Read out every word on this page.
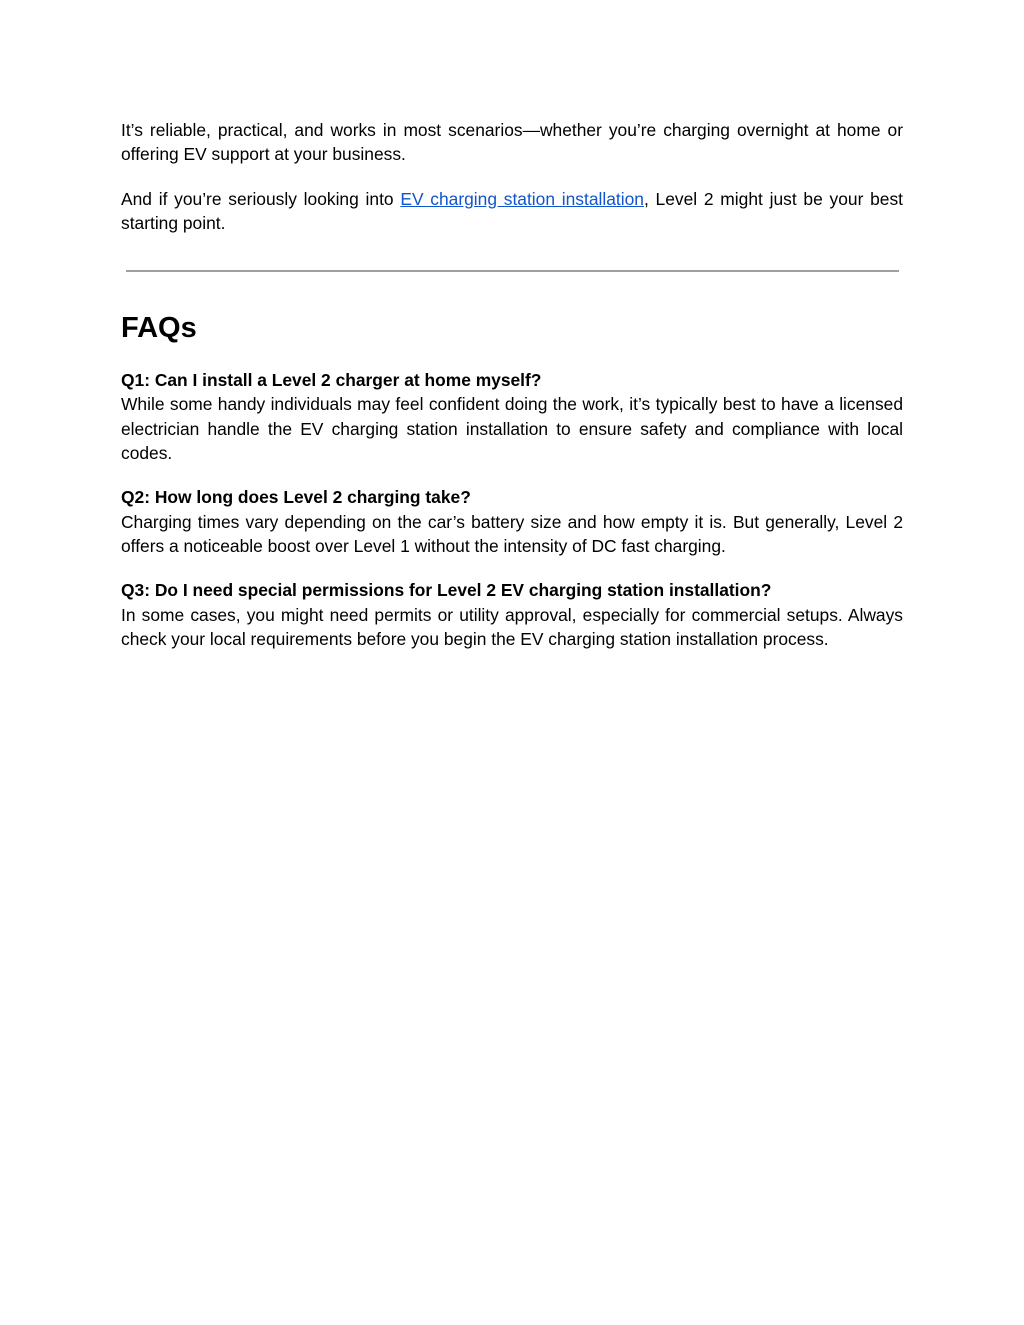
It’s reliable, practical, and works in most scenarios—whether you’re charging overnight at home or offering EV support at your business.

And if you’re seriously looking into EV charging station installation, Level 2 might just be your best starting point.

FAQs
Q1: Can I install a Level 2 charger at home myself?

While some handy individuals may feel confident doing the work, it’s typically best to have a licensed electrician handle the EV charging station installation to ensure safety and compliance with local codes.

Q2: How long does Level 2 charging take?

Charging times vary depending on the car’s battery size and how empty it is. But generally, Level 2 offers a noticeable boost over Level 1 without the intensity of DC fast charging.

Q3: Do I need special permissions for Level 2 EV charging station installation?

In some cases, you might need permits or utility approval, especially for commercial setups. Always check your local requirements before you begin the EV charging station installation process.
